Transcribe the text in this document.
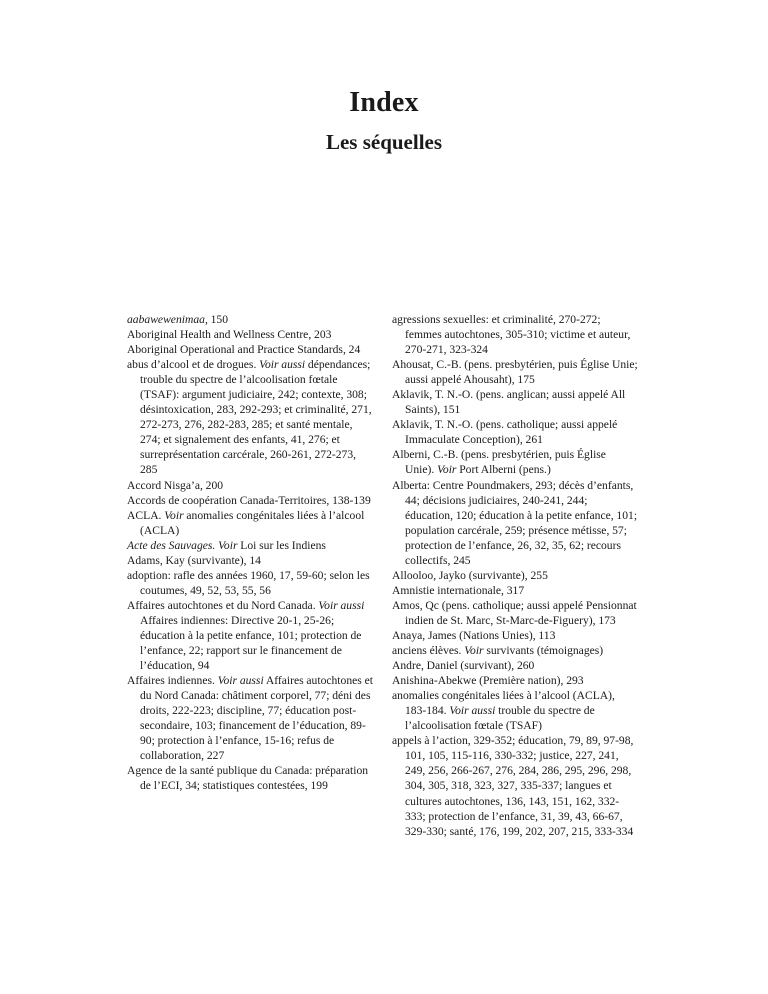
Index
Les séquelles
aabawewenimaa, 150
Aboriginal Health and Wellness Centre, 203
Aboriginal Operational and Practice Standards, 24
abus d’alcool et de drogues. Voir aussi dépendances; trouble du spectre de l’alcoolisation fœtale (TSAF): argument judiciaire, 242; contexte, 308; désintoxication, 283, 292-293; et criminalité, 271, 272-273, 276, 282-283, 285; et santé mentale, 274; et signalement des enfants, 41, 276; et surreprésentation carcérale, 260-261, 272-273, 285
Accord Nisga’a, 200
Accords de coopération Canada-Territoires, 138-139
ACLA. Voir anomalies congénitales liées à l’alcool (ACLA)
Acte des Sauvages. Voir Loi sur les Indiens
Adams, Kay (survivante), 14
adoption: rafle des années 1960, 17, 59-60; selon les coutumes, 49, 52, 53, 55, 56
Affaires autochtones et du Nord Canada. Voir aussi Affaires indiennes: Directive 20-1, 25-26; éducation à la petite enfance, 101; protection de l’enfance, 22; rapport sur le financement de l’éducation, 94
Affaires indiennes. Voir aussi Affaires autochtones et du Nord Canada: châtiment corporel, 77; déni des droits, 222-223; discipline, 77; éducation post-secondaire, 103; financement de l’éducation, 89-90; protection à l’enfance, 15-16; refus de collaboration, 227
Agence de la santé publique du Canada: préparation de l’ECI, 34; statistiques contestées, 199
agressions sexuelles: et criminalité, 270-272; femmes autochtones, 305-310; victime et auteur, 270-271, 323-324
Ahousat, C.-B. (pens. presbytérien, puis Église Unie; aussi appelé Ahousaht), 175
Aklavik, T. N.-O. (pens. anglican; aussi appelé All Saints), 151
Aklavik, T. N.-O. (pens. catholique; aussi appelé Immaculate Conception), 261
Alberni, C.-B. (pens. presbytérien, puis Église Unie). Voir Port Alberni (pens.)
Alberta: Centre Poundmakers, 293; décès d’enfants, 44; décisions judiciaires, 240-241, 244; éducation, 120; éducation à la petite enfance, 101; population carcérale, 259; présence métisse, 57; protection de l’enfance, 26, 32, 35, 62; recours collectifs, 245
Allooloo, Jayko (survivante), 255
Amnistie internationale, 317
Amos, Qc (pens. catholique; aussi appelé Pensionnat indien de St. Marc, St-Marc-de-Figuery), 173
Anaya, James (Nations Unies), 113
anciens élèves. Voir survivants (témoignages)
Andre, Daniel (survivant), 260
Anishina-Abekwe (Première nation), 293
anomalies congénitales liées à l’alcool (ACLA), 183-184. Voir aussi trouble du spectre de l’alcoolisation fœtale (TSAF)
appels à l’action, 329-352; éducation, 79, 89, 97-98, 101, 105, 115-116, 330-332; justice, 227, 241, 249, 256, 266-267, 276, 284, 286, 295, 296, 298, 304, 305, 318, 323, 327, 335-337; langues et cultures autochtones, 136, 143, 151, 162, 332-333; protection de l’enfance, 31, 39, 43, 66-67, 329-330; santé, 176, 199, 202, 207, 215, 333-334
